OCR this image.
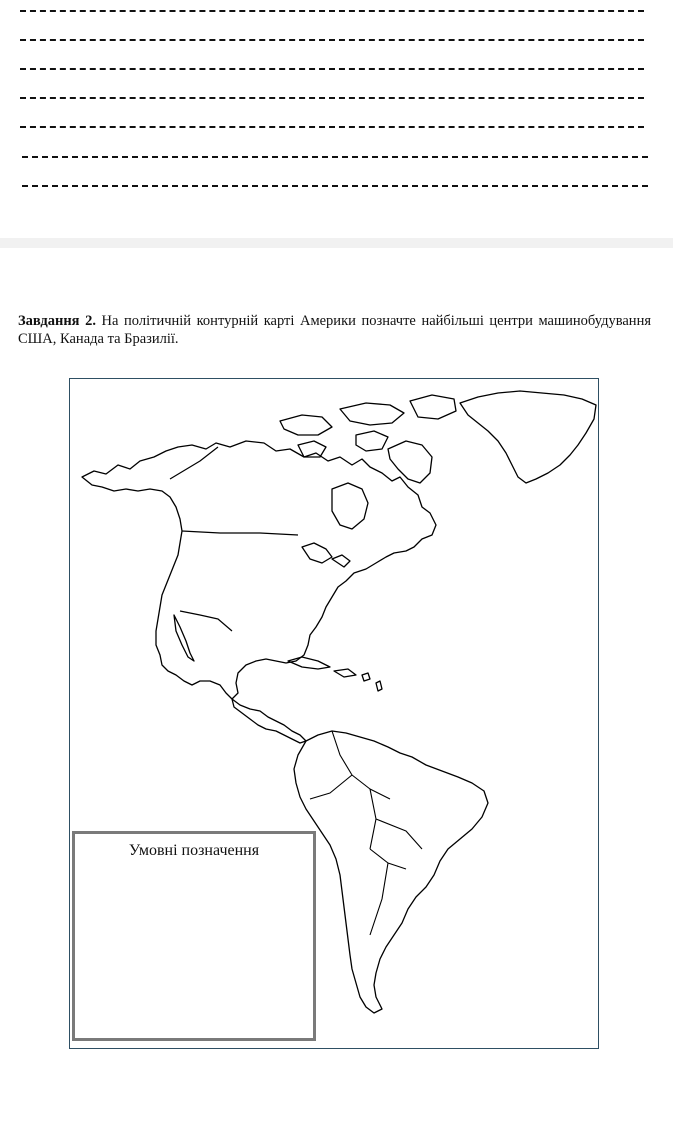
Завдання 2. На політичній контурній карті Америки позначте найбільші центри машинобудування США, Канада та Бразилії.
Умовні позначення
